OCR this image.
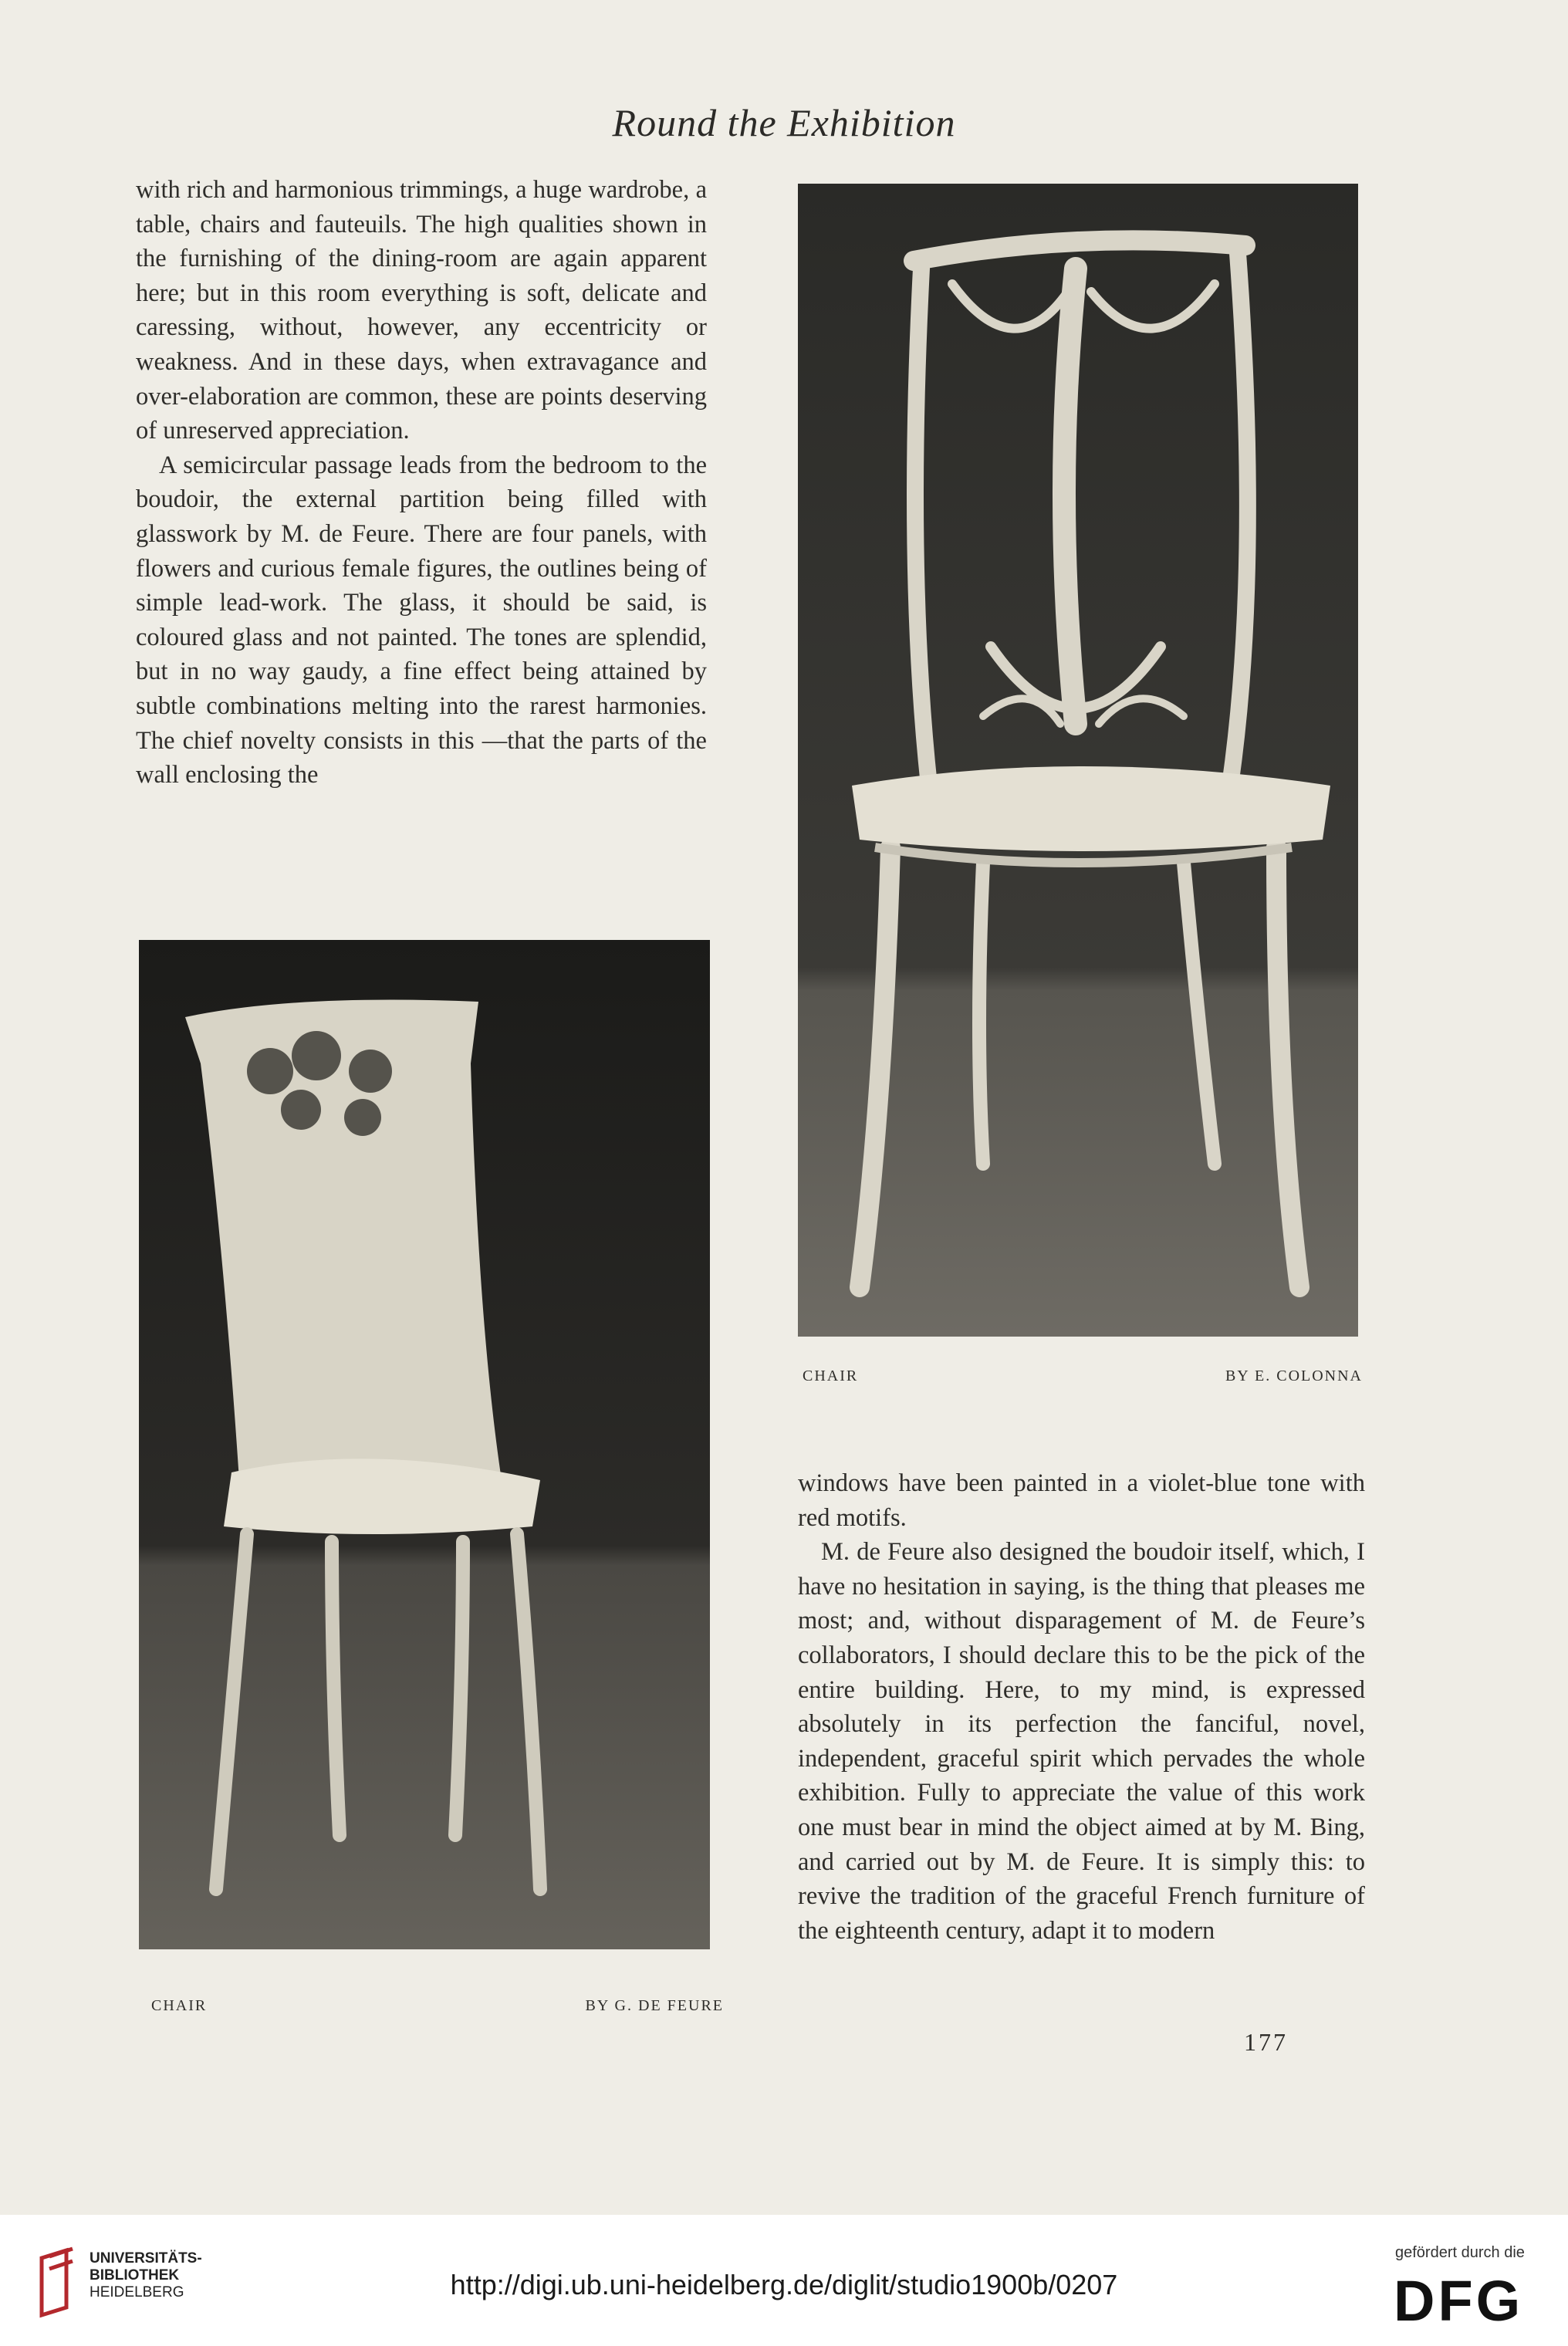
Round the Exhibition

with rich and harmonious trimmings, a huge wardrobe, a table, chairs and fauteuils. The high qualities shown in the furnishing of the dining-room are again apparent here; but in this room everything is soft, delicate and caressing, without, however, any eccentricity or weakness. And in these days, when extravagance and over-elaboration are common, these are points deserving of unreserved appreciation.

A semicircular passage leads from the bedroom to the boudoir, the external partition being filled with glasswork by M. de Feure. There are four panels, with flowers and curious female figures, the outlines being of simple lead-work. The glass, it should be said, is coloured glass and not painted. The tones are splendid, but in no way gaudy, a fine effect being attained by subtle combinations melting into the rarest harmonies. The chief novelty consists in this —that the parts of the wall enclosing the

CHAIR	BY E. COLONNA
CHAIR	BY G. DE FEURE

windows have been painted in a violet-blue tone with red motifs.

M. de Feure also designed the boudoir itself, which, I have no hesitation in saying, is the thing that pleases me most; and, without disparagement of M. de Feure’s collaborators, I should declare this to be the pick of the entire building. Here, to my mind, is expressed absolutely in its perfection the fanciful, novel, independent, graceful spirit which pervades the whole exhibition. Fully to appreciate the value of this work one must bear in mind the object aimed at by M. Bing, and carried out by M. de Feure. It is simply this: to revive the tradition of the graceful French furniture of the eighteenth century, adapt it to modern

177
UNIVERSITÄTS-
BIBLIOTHEK
HEIDELBERG	http://digi.ub.uni-heidelberg.de/diglit/studio1900b/0207
gefördert durch die
DFG
